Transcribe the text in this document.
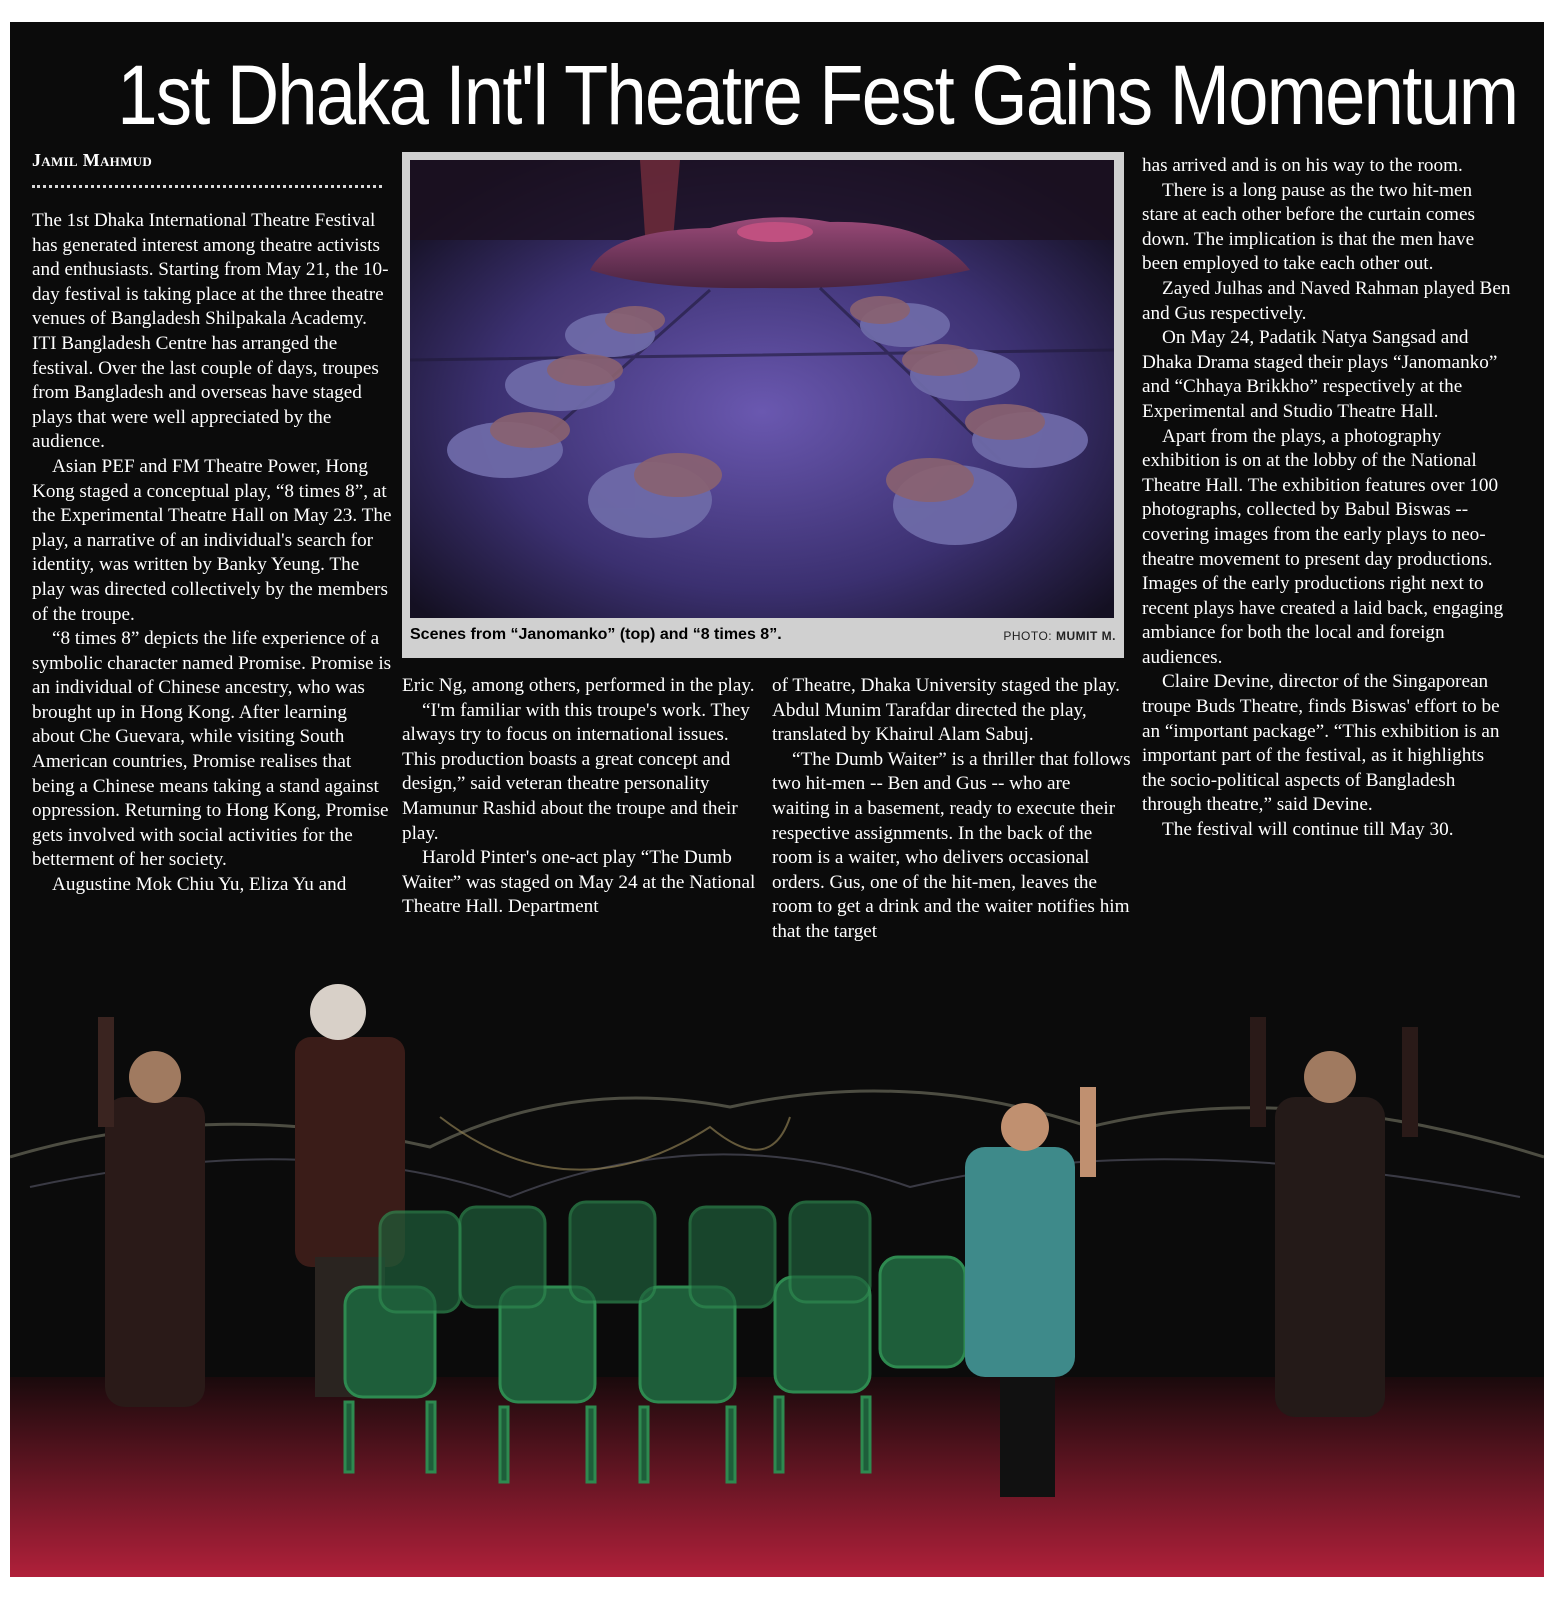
1st Dhaka Int'l Theatre Fest Gains Momentum
Jamil Mahmud

The 1st Dhaka International Theatre Festival has generated interest among theatre activists and enthusiasts. Starting from May 21, the 10-day festival is taking place at the three theatre venues of Bangladesh Shilpakala Academy. ITI Bangladesh Centre has arranged the festival. Over the last couple of days, troupes from Bangladesh and overseas have staged plays that were well appreciated by the audience.

Asian PEF and FM Theatre Power, Hong Kong staged a conceptual play, “8 times 8”, at the Experimental Theatre Hall on May 23. The play, a narrative of an individual's search for identity, was written by Banky Yeung. The play was directed collectively by the members of the troupe.

“8 times 8” depicts the life experience of a symbolic character named Promise. Promise is an individual of Chinese ancestry, who was brought up in Hong Kong. After learning about Che Guevara, while visiting South American countries, Promise realises that being a Chinese means taking a stand against oppression. Returning to Hong Kong, Promise gets involved with social activities for the betterment of her society.

Augustine Mok Chiu Yu, Eliza Yu and

Scenes from “Janomanko” (top) and “8 times 8”.	PHOTO: MUMIT M.

Eric Ng, among others, performed in the play.

“I'm familiar with this troupe's work. They always try to focus on international issues. This production boasts a great concept and design,” said veteran theatre personality Mamunur Rashid about the troupe and their play.

Harold Pinter's one-act play “The Dumb Waiter” was staged on May 24 at the National Theatre Hall. Department

of Theatre, Dhaka University staged the play. Abdul Munim Tarafdar directed the play, translated by Khairul Alam Sabuj.

“The Dumb Waiter” is a thriller that follows two hit-men -- Ben and Gus -- who are waiting in a basement, ready to execute their respective assignments. In the back of the room is a waiter, who delivers occasional orders. Gus, one of the hit-men, leaves the room to get a drink and the waiter notifies him that the target

has arrived and is on his way to the room.

There is a long pause as the two hit-men stare at each other before the curtain comes down. The implication is that the men have been employed to take each other out.

Zayed Julhas and Naved Rahman played Ben and Gus respectively.

On May 24, Padatik Natya Sangsad and Dhaka Drama staged their plays “Janomanko” and “Chhaya Brikkho” respectively at the Experimental and Studio Theatre Hall.

Apart from the plays, a photography exhibition is on at the lobby of the National Theatre Hall. The exhibition features over 100 photographs, collected by Babul Biswas -- covering images from the early plays to neo-theatre movement to present day productions. Images of the early productions right next to recent plays have created a laid back, engaging ambiance for both the local and foreign audiences.

Claire Devine, director of the Singaporean troupe Buds Theatre, finds Biswas' effort to be an “important package”. “This exhibition is an important part of the festival, as it highlights the socio-political aspects of Bangladesh through theatre,” said Devine.

The festival will continue till May 30.
